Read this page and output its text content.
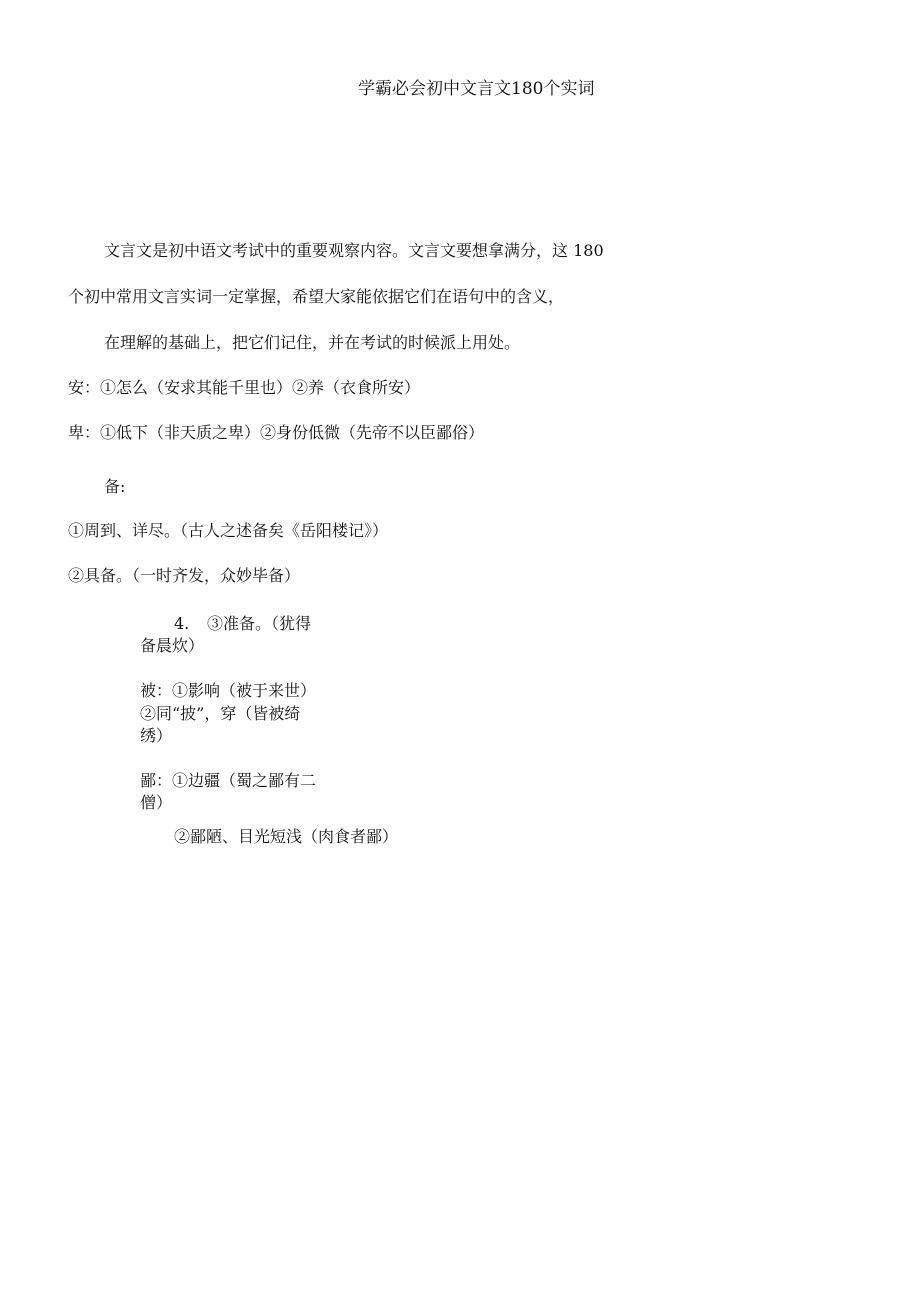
学霸必会初中文言文180个实词
文言文是初中语文考试中的重要观察内容。文言文要想拿满分，这 180
个初中常用文言实词一定掌握，希望大家能依据它们在语句中的含义，
在理解的基础上，把它们记住，并在考试的时候派上用处。
安：①怎么（安求其能千里也）②养（衣食所安）
卑：①低下（非天质之卑）②身份低微（先帝不以臣鄙俗）
备:
①周到、详尽。（古人之述备矣《岳阳楼记》）
②具备。（一时齐发，众妙毕备）
4. ③准备。（犹得
备晨炊）
被：①影响（被于来世）
②同“披”，穿（皆被绮
绣）
鄙：①边疆（蜀之鄙有二
僧）
②鄙陋、目光短浅（肉食者鄙）
